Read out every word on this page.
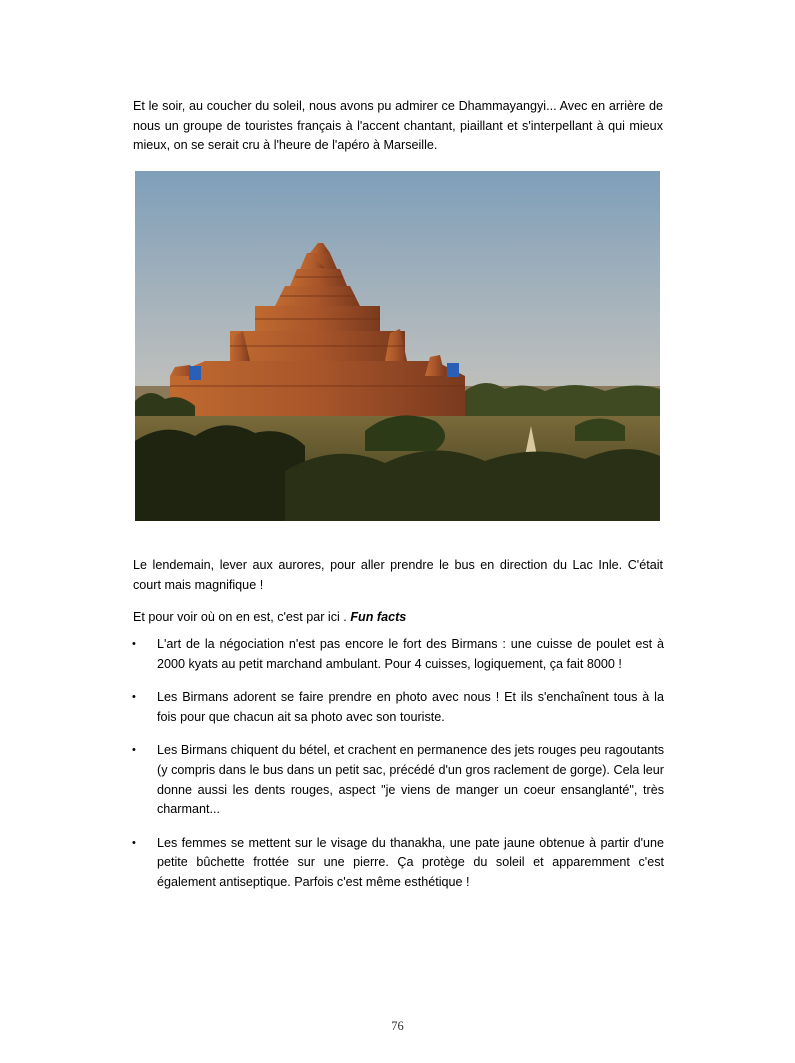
Et le soir, au coucher du soleil, nous avons pu admirer ce Dhammayangyi... Avec en arrière de nous un groupe de touristes français à l'accent chantant, piaillant et s'interpellant à qui mieux mieux, on se serait cru à l'heure de l'apéro à Marseille.

Le lendemain, lever aux aurores, pour aller prendre le bus en direction du Lac Inle. C'était court mais magnifique !

Et pour voir où on en est, c'est par ici . Fun facts

• L'art de la négociation n'est pas encore le fort des Birmans : une cuisse de poulet est à 2000 kyats au petit marchand ambulant. Pour 4 cuisses, logiquement, ça fait 8000 !
• Les Birmans adorent se faire prendre en photo avec nous ! Et ils s'enchaînent tous à la fois pour que chacun ait sa photo avec son touriste.
• Les Birmans chiquent du bétel, et crachent en permanence des jets rouges peu ragoutants (y compris dans le bus dans un petit sac, précédé d'un gros raclement de gorge). Cela leur donne aussi les dents rouges, aspect "je viens de manger un coeur ensanglanté", très charmant...
• Les femmes se mettent sur le visage du thanakha, une pate jaune obtenue à partir d'une petite bûchette frottée sur une pierre. Ça protège du soleil et apparemment c'est également antiseptique. Parfois c'est même esthétique !
76
